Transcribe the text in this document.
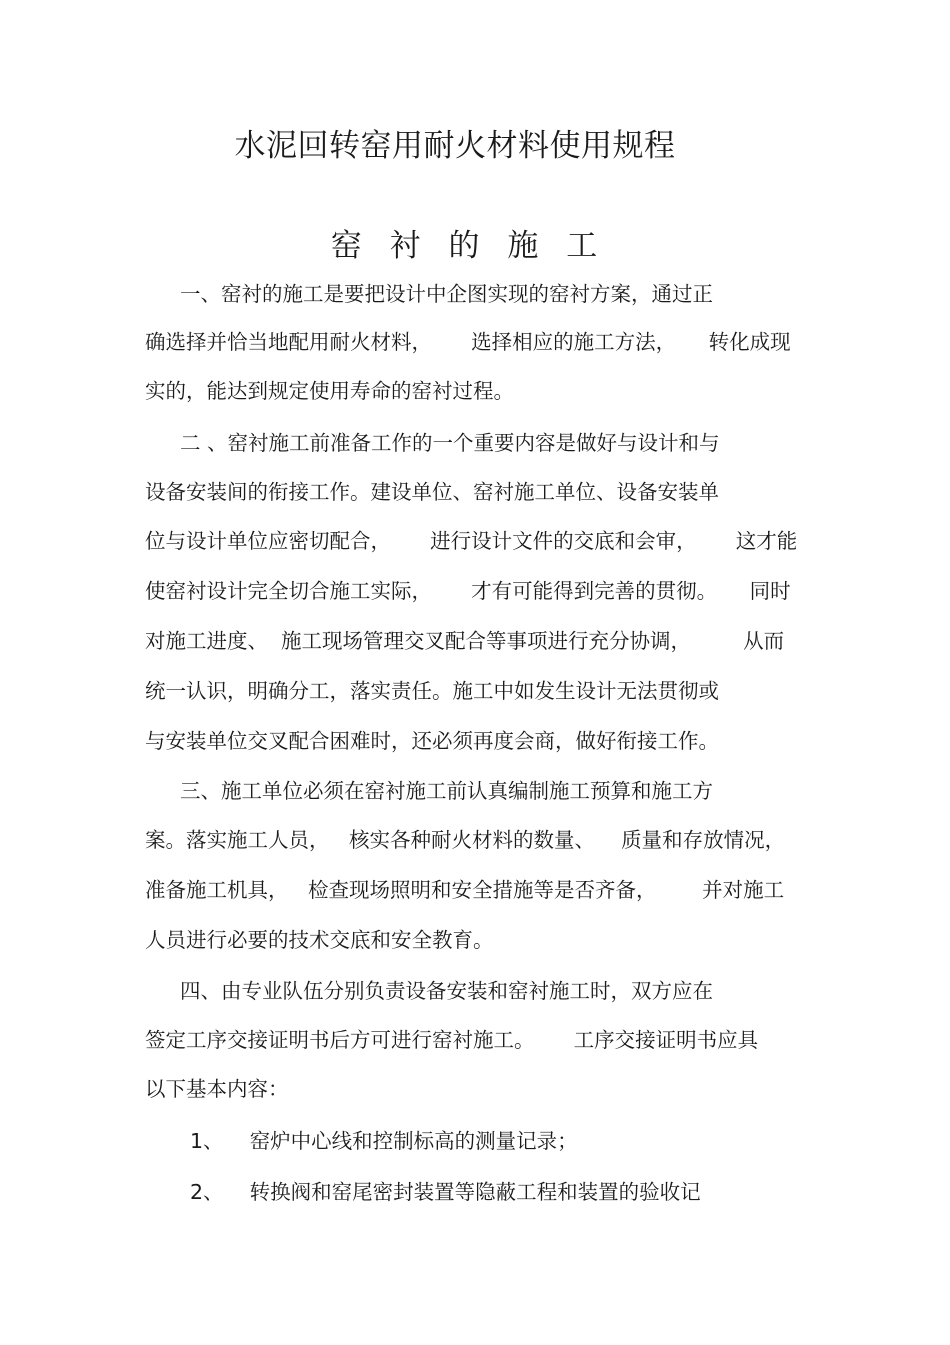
水泥回转窑用耐火材料使用规程
窑 衬 的 施 工
一、窑衬的施工是要把设计中企图实现的窑衬方案，通过正
确选择并恰当地配用耐火材料，      选择相应的施工方法，     转化成现
实的，能达到规定使用寿命的窑衬过程。
二 、窑衬施工前准备工作的一个重要内容是做好与设计和与
设备安装间的衔接工作。建设单位、窑衬施工单位、设备安装单
位与设计单位应密切配合，      进行设计文件的交底和会审，      这才能
使窑衬设计完全切合施工实际，      才有可能得到完善的贯彻。     同时
对施工进度、  施工现场管理交叉配合等事项进行充分协调，        从而
统一认识，明确分工，落实责任。施工中如发生设计无法贯彻或
与安装单位交叉配合困难时，还必须再度会商，做好衔接工作。
三、施工单位必须在窑衬施工前认真编制施工预算和施工方
案。落实施工人员，   核实各种耐火材料的数量、    质量和存放情况，
准备施工机具，   检查现场照明和安全措施等是否齐备，       并对施工
人员进行必要的技术交底和安全教育。
四、由专业队伍分别负责设备安装和窑衬施工时，双方应在
签定工序交接证明书后方可进行窑衬施工。      工序交接证明书应具
以下基本内容：
1、    窑炉中心线和控制标高的测量记录；
2、    转换阀和窑尾密封装置等隐蔽工程和装置的验收记
